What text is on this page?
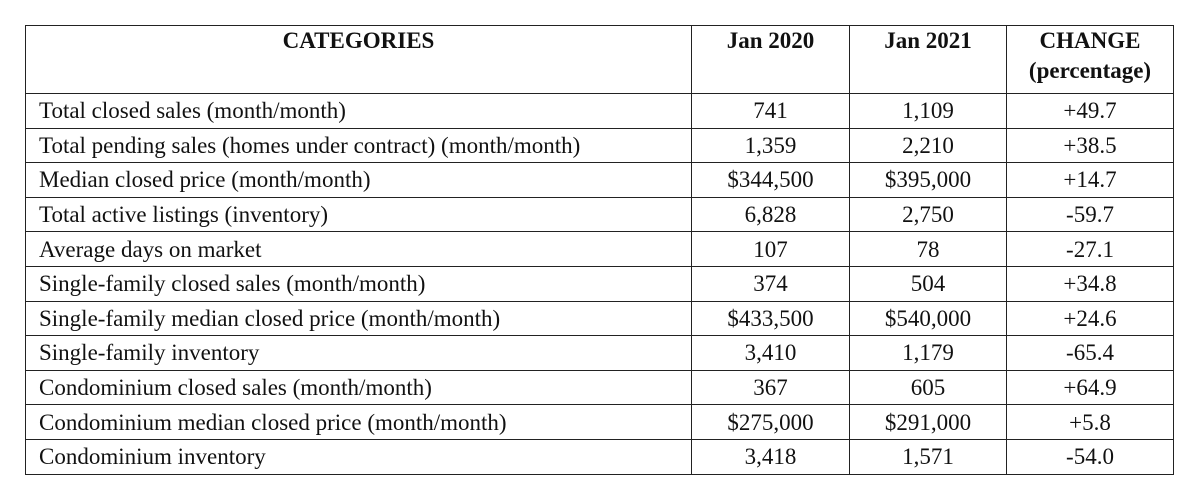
CATEGORIES	Jan 2020	Jan 2021	CHANGE
(percentage)

Total closed sales (month/month)	741	1,109	+49.7
Total pending sales (homes under contract) (month/month)	1,359	2,210	+38.5
Median closed price (month/month)	$344,500	$395,000	+14.7
Total active listings (inventory)	6,828	2,750	-59.7
Average days on market	107	78	-27.1
Single-family closed sales (month/month)	374	504	+34.8
Single-family median closed price (month/month)	$433,500	$540,000	+24.6
Single-family inventory	3,410	1,179	-65.4
Condominium closed sales (month/month)	367	605	+64.9
Condominium median closed price (month/month)	$275,000	$291,000	+5.8
Condominium inventory	3,418	1,571	-54.0
